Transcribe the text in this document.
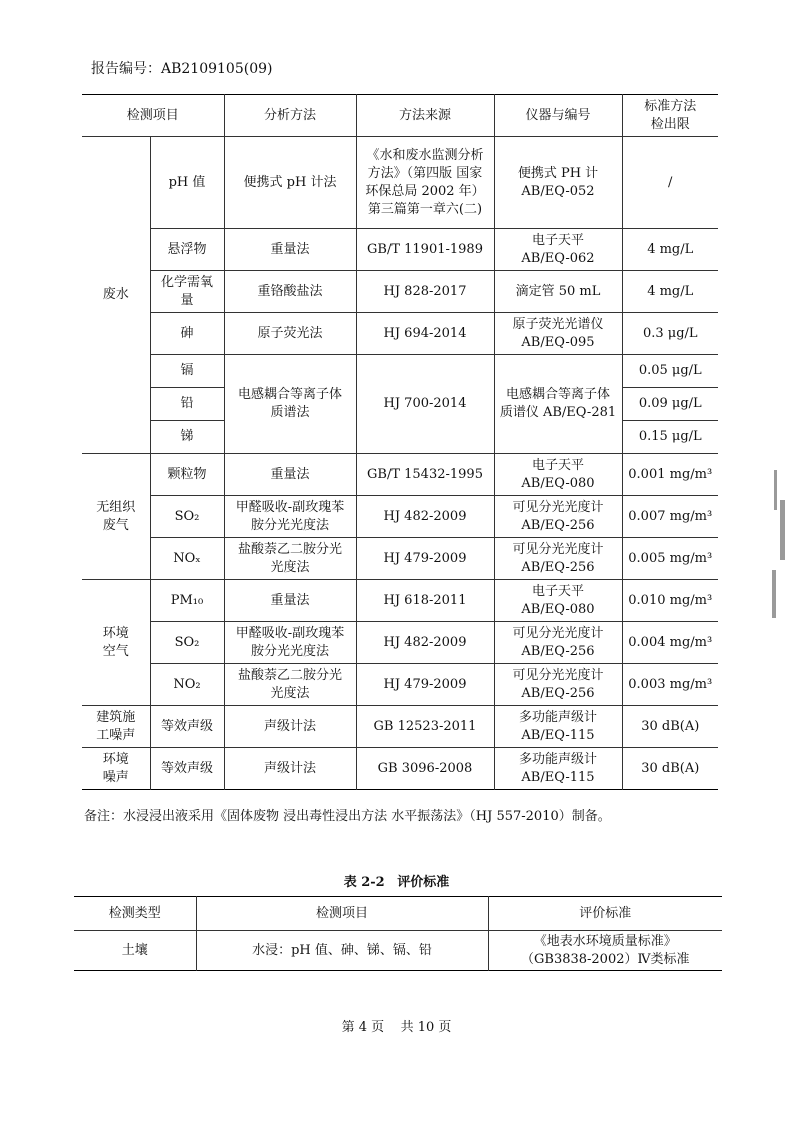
报告编号：AB2109105(09)
检测项目		分析方法	方法来源	仪器与编号	标准方法
检出限
废水	pH 值	便携式 pH 计法	《水和废水监测分析
方法》（第四版 国家
环保总局 2002 年）
第三篇第一章六(二)	便携式 PH 计
AB/EQ-052	/
	悬浮物	重量法	GB/T 11901-1989	电子天平
AB/EQ-062	4 mg/L
	化学需氧
量	重铬酸盐法	HJ 828-2017	滴定管 50 mL	4 mg/L
	砷	原子荧光法	HJ 694-2014	原子荧光光谱仪
AB/EQ-095	0.3 μg/L
	镉	电感耦合等离子体
质谱法	HJ 700-2014	电感耦合等离子体
质谱仪 AB/EQ-281	0.05 μg/L
	铅				0.09 μg/L
	锑				0.15 μg/L
无组织
废气	颗粒物	重量法	GB/T 15432-1995	电子天平
AB/EQ-080	0.001 mg/m³
	SO₂	甲醛吸收-副玫瑰苯
胺分光光度法	HJ 482-2009	可见分光光度计
AB/EQ-256	0.007 mg/m³
	NOₓ	盐酸萘乙二胺分光
光度法	HJ 479-2009	可见分光光度计
AB/EQ-256	0.005 mg/m³
环境
空气	PM₁₀	重量法	HJ 618-2011	电子天平
AB/EQ-080	0.010 mg/m³
	SO₂	甲醛吸收-副玫瑰苯
胺分光光度法	HJ 482-2009	可见分光光度计
AB/EQ-256	0.004 mg/m³
	NO₂	盐酸萘乙二胺分光
光度法	HJ 479-2009	可见分光光度计
AB/EQ-256	0.003 mg/m³
建筑施
工噪声	等效声级	声级计法	GB 12523-2011	多功能声级计
AB/EQ-115	30 dB(A)
环境
噪声	等效声级	声级计法	GB 3096-2008	多功能声级计
AB/EQ-115	30 dB(A)
备注：水浸浸出液采用《固体废物 浸出毒性浸出方法 水平振荡法》（HJ 557-2010）制备。
表 2-2 评价标准
检测类型	检测项目	评价标准
土壤	水浸：pH 值、砷、锑、镉、铅	《地表水环境质量标准》
（GB3838-2002）Ⅳ类标准
第 4 页    共 10 页
